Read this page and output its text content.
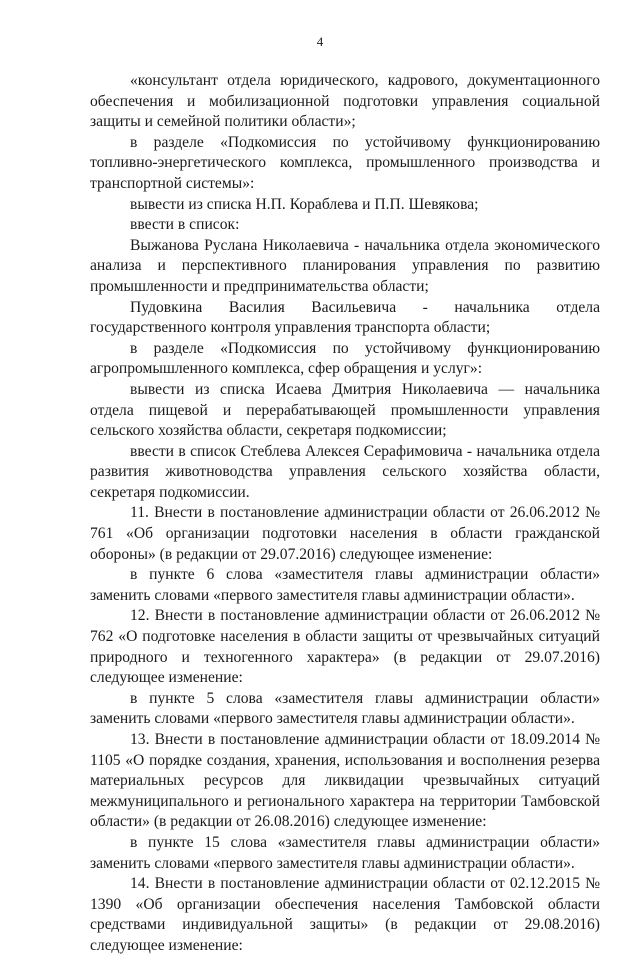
4

«консультант отдела юридического, кадрового, документационного обеспечения и мобилизационной подготовки управления социальной защиты и семейной политики области»;

в разделе «Подкомиссия по устойчивому функционированию топливно-энергетического комплекса, промышленного производства и транспортной системы»:

вывести из списка Н.П. Кораблева и П.П. Шевякова;

ввести в список:

Выжанова Руслана Николаевича - начальника отдела экономического анализа и перспективного планирования управления по развитию промышленности и предпринимательства области;

Пудовкина Василия Васильевича - начальника отдела государственного контроля управления транспорта области;

в разделе «Подкомиссия по устойчивому функционированию агропромышленного комплекса, сфер обращения и услуг»:

вывести из списка Исаева Дмитрия Николаевича — начальника отдела пищевой и перерабатывающей промышленности управления сельского хозяйства области, секретаря подкомиссии;

ввести в список Стеблева Алексея Серафимовича - начальника отдела развития животноводства управления сельского хозяйства области, секретаря подкомиссии.

11. Внести в постановление администрации области от 26.06.2012 № 761 «Об организации подготовки населения в области гражданской обороны» (в редакции от 29.07.2016) следующее изменение:

в пункте 6 слова «заместителя главы администрации области» заменить словами «первого заместителя главы администрации области».

12. Внести в постановление администрации области от 26.06.2012 № 762 «О подготовке населения в области защиты от чрезвычайных ситуаций природного и техногенного характера» (в редакции от 29.07.2016) следующее изменение:

в пункте 5 слова «заместителя главы администрации области» заменить словами «первого заместителя главы администрации области».

13. Внести в постановление администрации области от 18.09.2014 № 1105 «О порядке создания, хранения, использования и восполнения резерва материальных ресурсов для ликвидации чрезвычайных ситуаций межмуниципального и регионального характера на территории Тамбовской области» (в редакции от 26.08.2016) следующее изменение:

в пункте 15 слова «заместителя главы администрации области» заменить словами «первого заместителя главы администрации области».

14. Внести в постановление администрации области от 02.12.2015 № 1390 «Об организации обеспечения населения Тамбовской области средствами индивидуальной защиты» (в редакции от 29.08.2016) следующее изменение:
